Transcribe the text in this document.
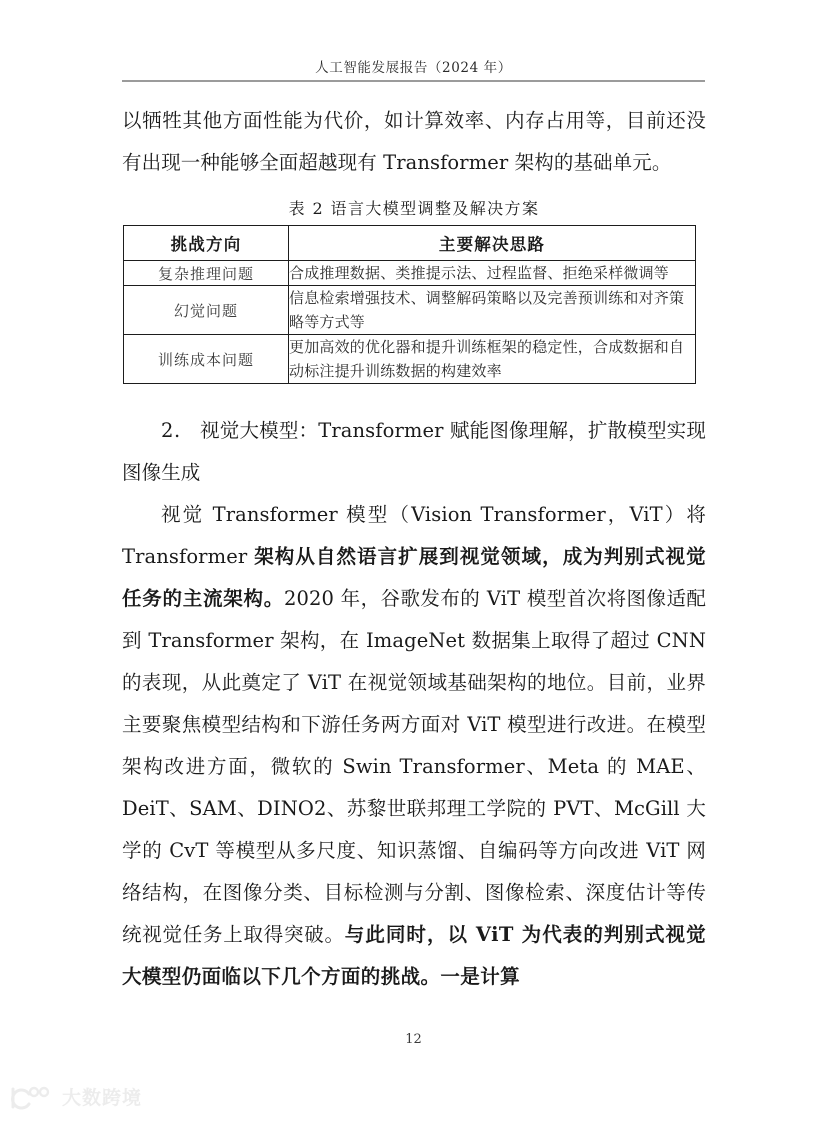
人工智能发展报告（2024 年）

以牺牲其他方面性能为代价，如计算效率、内存占用等，目前还没有出现一种能够全面超越现有 Transformer 架构的基础单元。

表 2 语言大模型调整及解决方案
挑战方向	主要解决思路
复杂推理问题	合成推理数据、类推提示法、过程监督、拒绝采样微调等
幻觉问题	信息检索增强技术、调整解码策略以及完善预训练和对齐策略等方式等
训练成本问题	更加高效的优化器和提升训练框架的稳定性，合成数据和自动标注提升训练数据的构建效率
2. 视觉大模型：Transformer 赋能图像理解，扩散模型实现图像生成

视觉 Transformer 模型（Vision Transformer，ViT）将 Transformer 架构从自然语言扩展到视觉领域，成为判别式视觉任务的主流架构。2020 年，谷歌发布的 ViT 模型首次将图像适配到 Transformer 架构，在 ImageNet 数据集上取得了超过 CNN 的表现，从此奠定了 ViT 在视觉领域基础架构的地位。目前，业界主要聚焦模型结构和下游任务两方面对 ViT 模型进行改进。在模型架构改进方面，微软的 Swin Transformer、Meta 的 MAE、DeiT、SAM、DINO2、苏黎世联邦理工学院的 PVT、McGill 大学的 CvT 等模型从多尺度、知识蒸馏、自编码等方向改进 ViT 网络结构，在图像分类、目标检测与分割、图像检索、深度估计等传统视觉任务上取得突破。与此同时，以 ViT 为代表的判别式视觉大模型仍面临以下几个方面的挑战。一是计算

12
大数跨境
